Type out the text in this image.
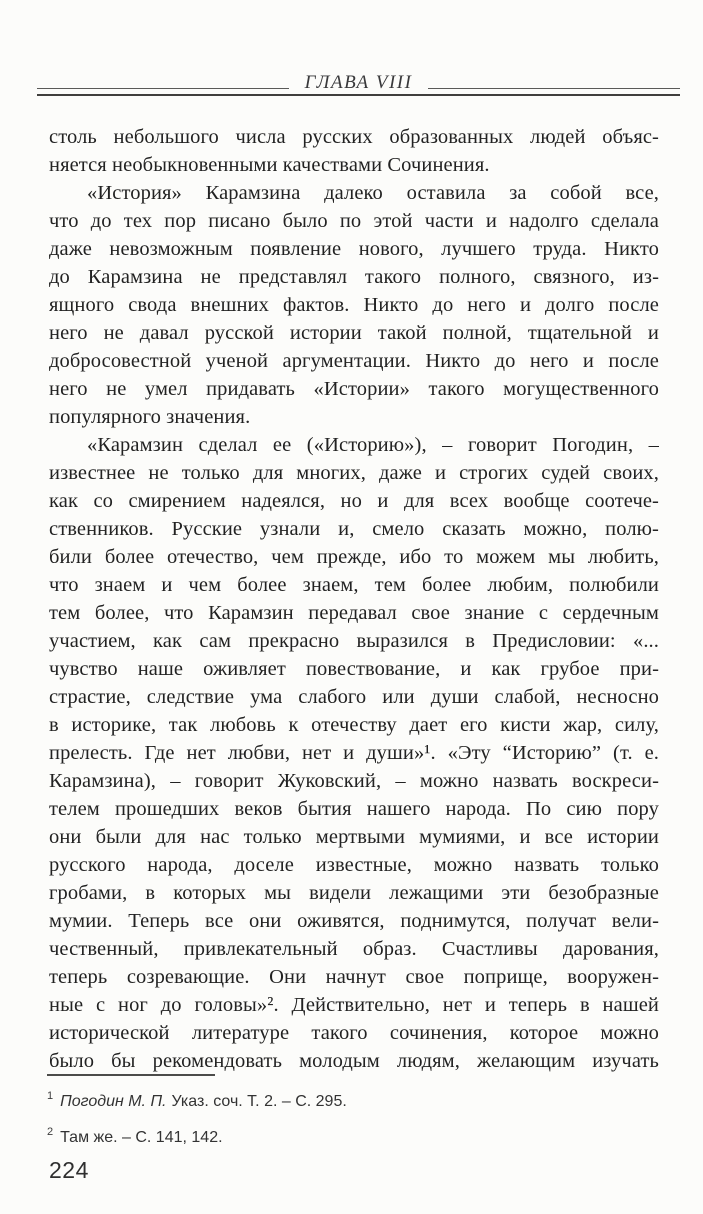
ГЛАВА VIII
столь небольшого числа русских образованных людей объяс-
няется необыкновенными качествами Сочинения.
«История» Карамзина далеко оставила за собой все,
что до тех пор писано было по этой части и надолго сделала
даже невозможным появление нового, лучшего труда. Никто
до Карамзина не представлял такого полного, связного, из-
ящного свода внешних фактов. Никто до него и долго после
него не давал русской истории такой полной, тщательной и
добросовестной ученой аргументации. Никто до него и после
него не умел придавать «Истории» такого могущественного
популярного значения.
«Карамзин сделал ее («Историю»), – говорит Погодин, –
известнее не только для многих, даже и строгих судей своих,
как со смирением надеялся, но и для всех вообще соотече-
ственников. Русские узнали и, смело сказать можно, полю-
били более отечество, чем прежде, ибо то можем мы любить,
что знаем и чем более знаем, тем более любим, полюбили
тем более, что Карамзин передавал свое знание с сердечным
участием, как сам прекрасно выразился в Предисловии: «...
чувство наше оживляет повествование, и как грубое при-
страстие, следствие ума слабого или души слабой, несносно
в историке, так любовь к отечеству дает его кисти жар, силу,
прелесть. Где нет любви, нет и души»¹. «Эту “Историю” (т. е.
Карамзина), – говорит Жуковский, – можно назвать воскреси-
телем прошедших веков бытия нашего народа. По сию пору
они были для нас только мертвыми мумиями, и все истории
русского народа, доселе известные, можно назвать только
гробами, в которых мы видели лежащими эти безобразные
мумии. Теперь все они оживятся, поднимутся, получат вели-
чественный, привлекательный образ. Счастливы дарования,
теперь созревающие. Они начнут свое поприще, вооружен-
ные с ног до головы»². Действительно, нет и теперь в нашей
исторической литературе такого сочинения, которое можно
было бы рекомендовать молодым людям, желающим изучать
1 Погодин М. П. Указ. соч. Т. 2. – С. 295.
2 Там же. – С. 141, 142.
224
